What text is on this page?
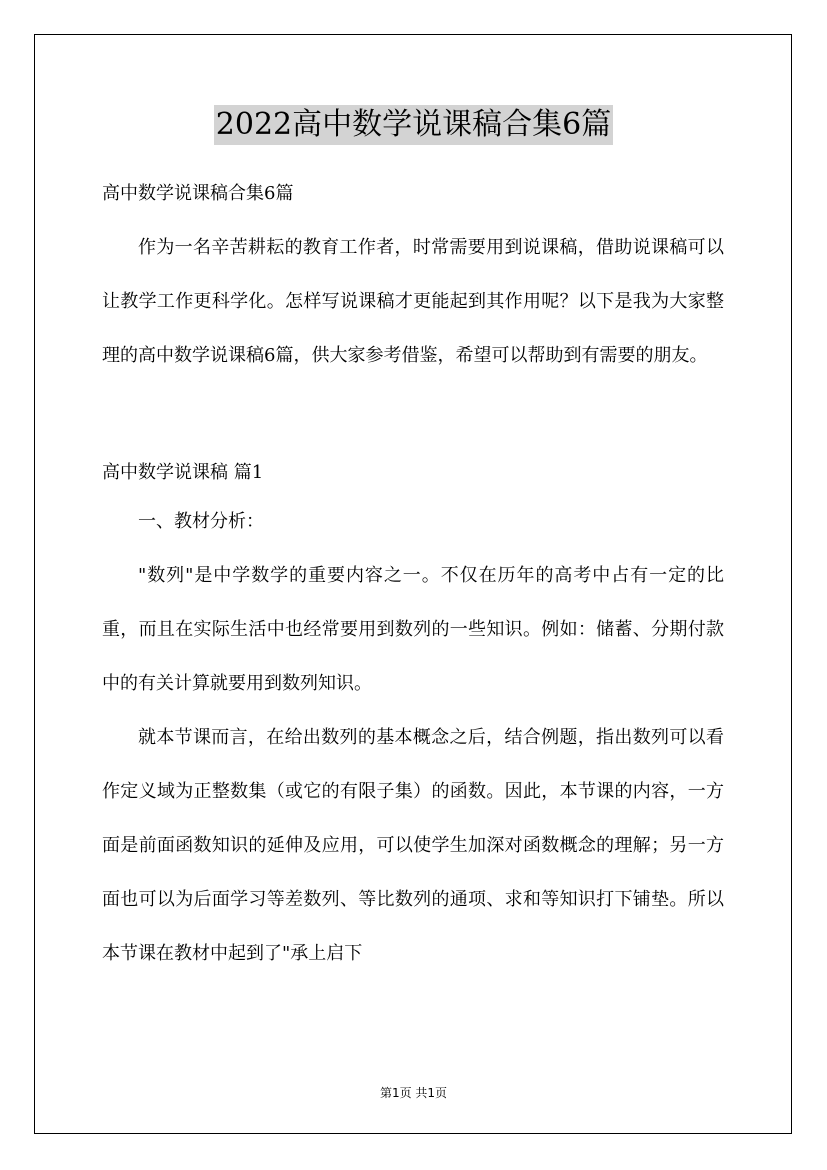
2022高中数学说课稿合集6篇

高中数学说课稿合集6篇

作为一名辛苦耕耘的教育工作者，时常需要用到说课稿，借助说课稿可以让教学工作更科学化。怎样写说课稿才更能起到其作用呢？以下是我为大家整理的高中数学说课稿6篇，供大家参考借鉴，希望可以帮助到有需要的朋友。

高中数学说课稿 篇1

一、教材分析：

"数列"是中学数学的重要内容之一。不仅在历年的高考中占有一定的比重，而且在实际生活中也经常要用到数列的一些知识。例如：储蓄、分期付款中的有关计算就要用到数列知识。

就本节课而言，在给出数列的基本概念之后，结合例题，指出数列可以看作定义域为正整数集（或它的有限子集）的函数。因此，本节课的内容，一方面是前面函数知识的延伸及应用，可以使学生加深对函数概念的理解；另一方面也可以为后面学习等差数列、等比数列的通项、求和等知识打下铺垫。所以本节课在教材中起到了"承上启下

第1页 共1页
